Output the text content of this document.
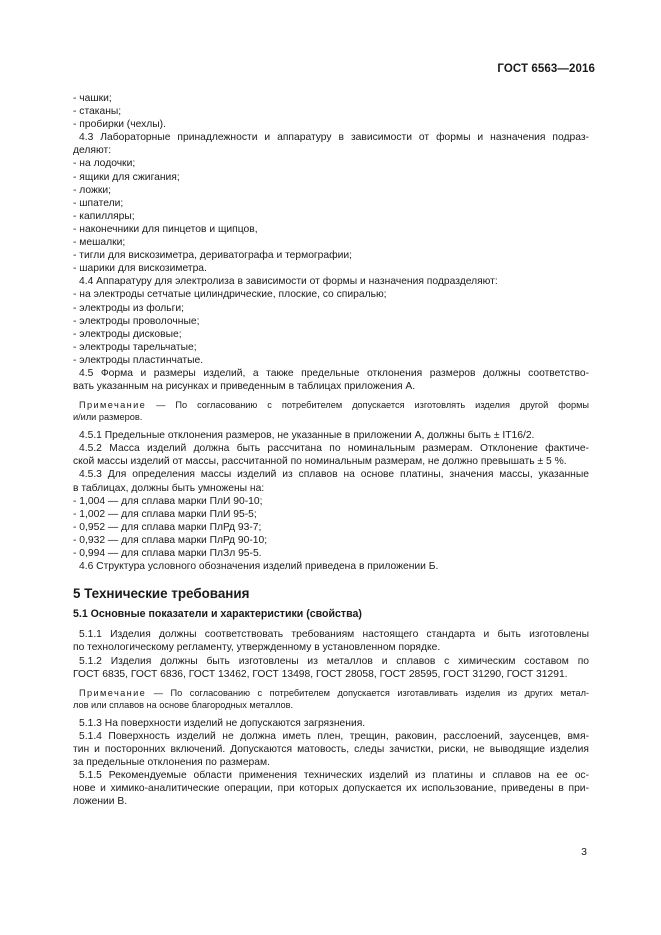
ГОСТ 6563—2016
- чашки;
- стаканы;
- пробирки (чехлы).
4.3 Лабораторные принадлежности и аппаратуру в зависимости от формы и назначения подраз-
деляют:
- на лодочки;
- ящики для сжигания;
- ложки;
- шпатели;
- капилляры;
- наконечники для пинцетов и щипцов,
- мешалки;
- тигли для вискозиметра, дериватографа и термографии;
- шарики для вискозиметра.
4.4 Аппаратуру для электролиза в зависимости от формы и назначения подразделяют:
- на электроды сетчатые цилиндрические, плоские, со спиралью;
- электроды из фольги;
- электроды проволочные;
- электроды дисковые;
- электроды тарельчатые;
- электроды пластинчатые.
4.5 Форма и размеры изделий, а также предельные отклонения размеров должны соответство-
вать указанным на рисунках и приведенным в таблицах приложения А.
Примечание — По согласованию с потребителем допускается изготовлять изделия другой формы
и/или размеров.
4.5.1 Предельные отклонения размеров, не указанные в приложении А, должны быть ± IT16/2.
4.5.2 Масса изделий должна быть рассчитана по номинальным размерам. Отклонение фактиче-
ской массы изделий от массы, рассчитанной по номинальным размерам, не должно превышать ± 5 %.
4.5.3 Для определения массы изделий из сплавов на основе платины, значения массы, указанные
в таблицах, должны быть умножены на:
- 1,004 — для сплава марки ПлИ 90-10;
- 1,002 — для сплава марки ПлИ 95-5;
- 0,952 — для сплава марки ПлРд 93-7;
- 0,932 — для сплава марки ПлРд 90-10;
- 0,994 — для сплава марки ПлЗл 95-5.
4.6 Структура условного обозначения изделий приведена в приложении Б.
5 Технические требования
5.1 Основные показатели и характеристики (свойства)
5.1.1 Изделия должны соответствовать требованиям настоящего стандарта и быть изготовлены
по технологическому регламенту, утвержденному в установленном порядке.
5.1.2 Изделия должны быть изготовлены из металлов и сплавов с химическим составом по
ГОСТ 6835, ГОСТ 6836, ГОСТ 13462, ГОСТ 13498, ГОСТ 28058, ГОСТ 28595, ГОСТ 31290, ГОСТ 31291.
Примечание — По согласованию с потребителем допускается изготавливать изделия из других метал-
лов или сплавов на основе благородных металлов.
5.1.3 На поверхности изделий не допускаются загрязнения.
5.1.4 Поверхность изделий не должна иметь плен, трещин, раковин, расслоений, заусенцев, вмя-
тин и посторонних включений. Допускаются матовость, следы зачистки, риски, не выводящие изделия
за предельные отклонения по размерам.
5.1.5 Рекомендуемые области применения технических изделий из платины и сплавов на ее ос-
нове и химико-аналитические операции, при которых допускается их использование, приведены в при-
ложении В.
3
